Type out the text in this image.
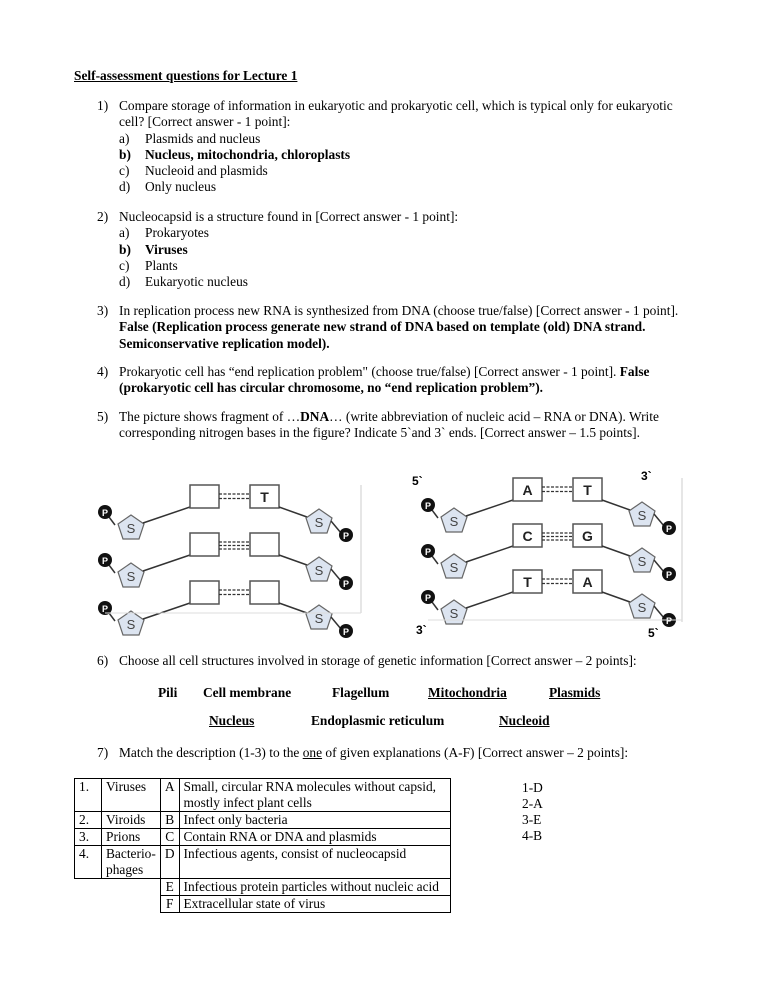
Self-assessment questions for Lecture 1
1) Compare storage of information in eukaryotic and prokaryotic cell, which is typical only for eukaryotic cell? [Correct answer - 1 point]:
a) Plasmids and nucleus
b) Nucleus, mitochondria, chloroplasts
c) Nucleoid and plasmids
d) Only nucleus
2) Nucleocapsid is a structure found in [Correct answer - 1 point]:
a) Prokaryotes
b) Viruses
c) Plants
d) Eukaryotic nucleus
3) In replication process new RNA is synthesized from DNA (choose true/false) [Correct answer - 1 point]. False (Replication process generate new strand of DNA based on template (old) DNA strand. Semiconservative replication model).
4) Prokaryotic cell has “end replication problem" (choose true/false) [Correct answer - 1 point]. False (prokaryotic cell has circular chromosome, no “end replication problem”).
5) The picture shows fragment of …DNA… (write abbreviation of nucleic acid – RNA or DNA). Write corresponding nitrogen bases in the figure? Indicate 5`and 3` ends. [Correct answer – 1.5 points].
P
S
T
S
P
P
S	S
P
P
S	S
P
5`	3`
3`	5`
P
S
A	T
S
P
P
S
C	G
S
P
P
S
T	A
S
P
6) Choose all cell structures involved in storage of genetic information [Correct answer – 2 points]:
Pili Cell membrane	Flagellum	Mitochondria	Plasmids
Nucleus	Endoplasmic reticulum	Nucleoid
7) Match the description (1-3) to the one of given explanations (A-F) [Correct answer – 2 points]:
1.	Viruses	A	Small, circular RNA molecules without capsid, mostly infect plant cells
2.	Viroids	B	Infect only bacteria
3.	Prions	C	Contain RNA or DNA and plasmids
4.	Bacterio-phages	D	Infectious agents, consist of nucleocapsid
		E	Infectious protein particles without nucleic acid
		F	Extracellular state of virus
1-D
2-A
3-E
4-B
